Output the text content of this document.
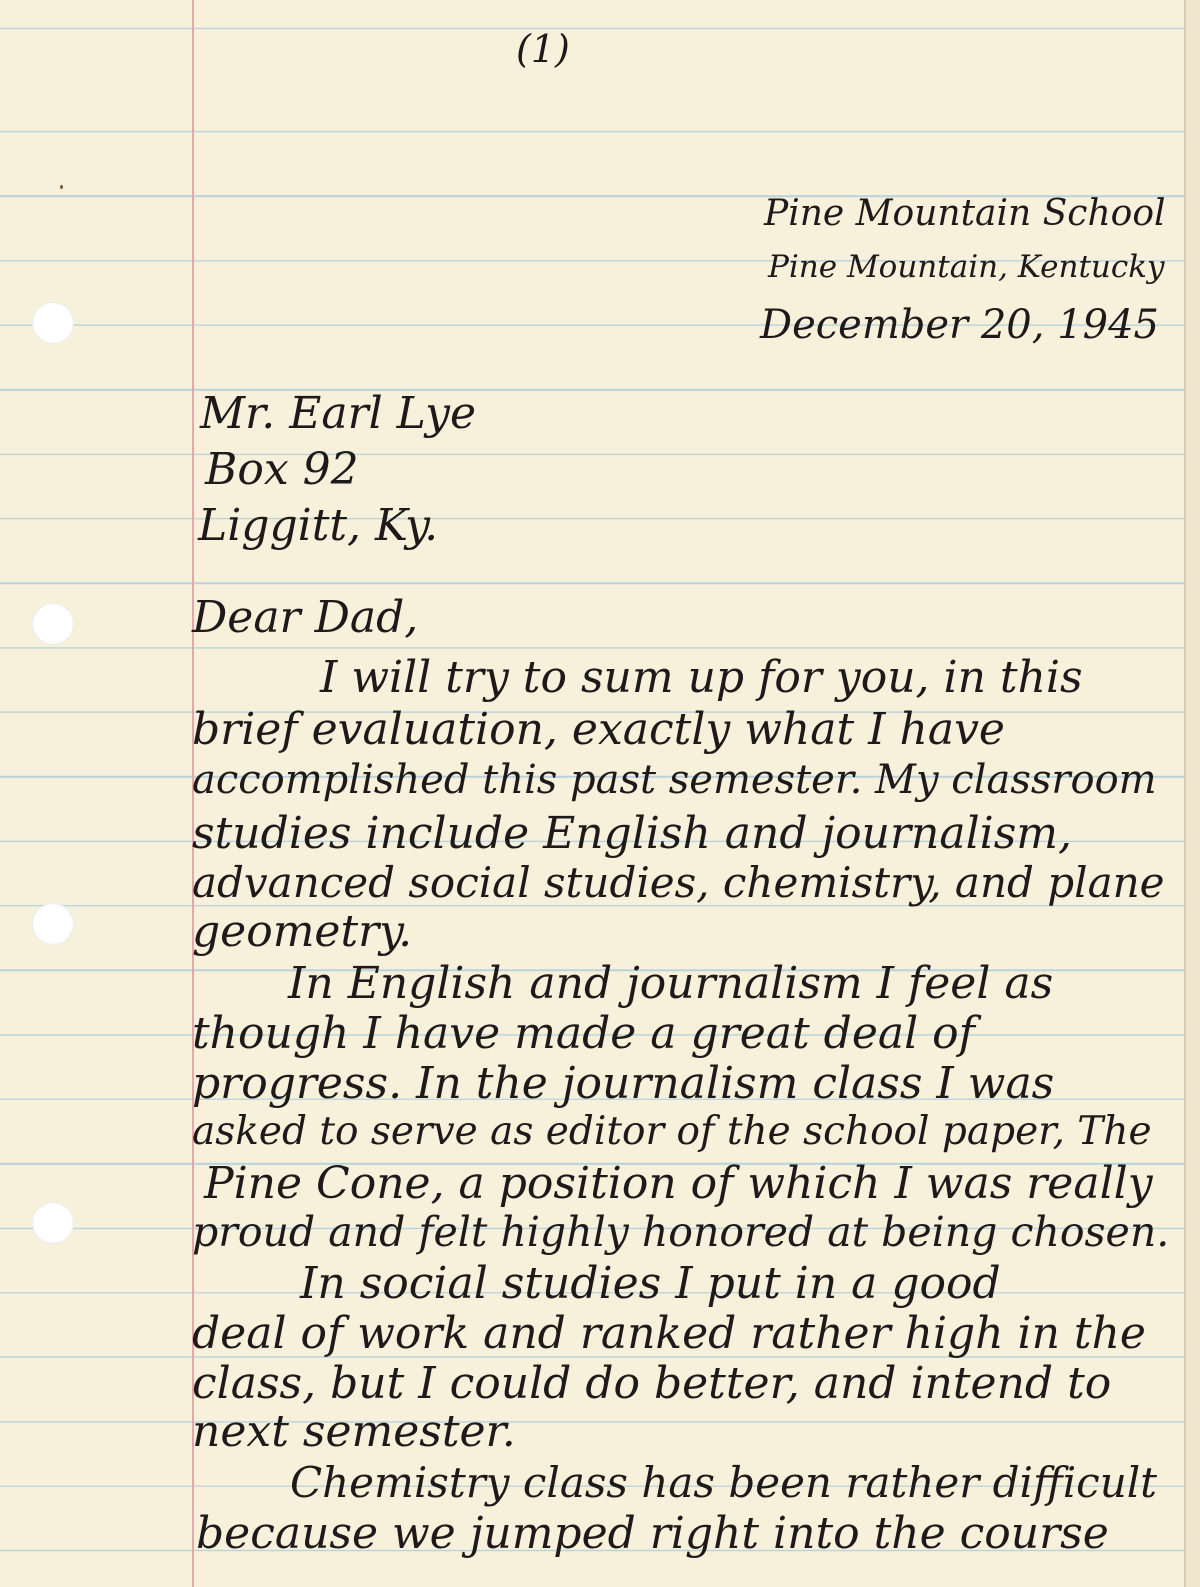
(1)
Pine Mountain School
Pine Mountain, Kentucky
December 20, 1945
Mr. Earl Lye
Box 92
Liggitt, Ky.
Dear Dad,
I will try to sum up for you, in this
brief evaluation, exactly what I have
accomplished this past semester. My classroom
studies include English and journalism,
advanced social studies, chemistry, and plane
geometry.
In English and journalism I feel as
though I have made a great deal of
progress. In the journalism class I was
asked to serve as editor of the school paper, The
Pine Cone, a position of which I was really
proud and felt highly honored at being chosen.
In social studies I put in a good
deal of work and ranked rather high in the
class, but I could do better, and intend to
next semester.
Chemistry class has been rather difficult
because we jumped right into the course
